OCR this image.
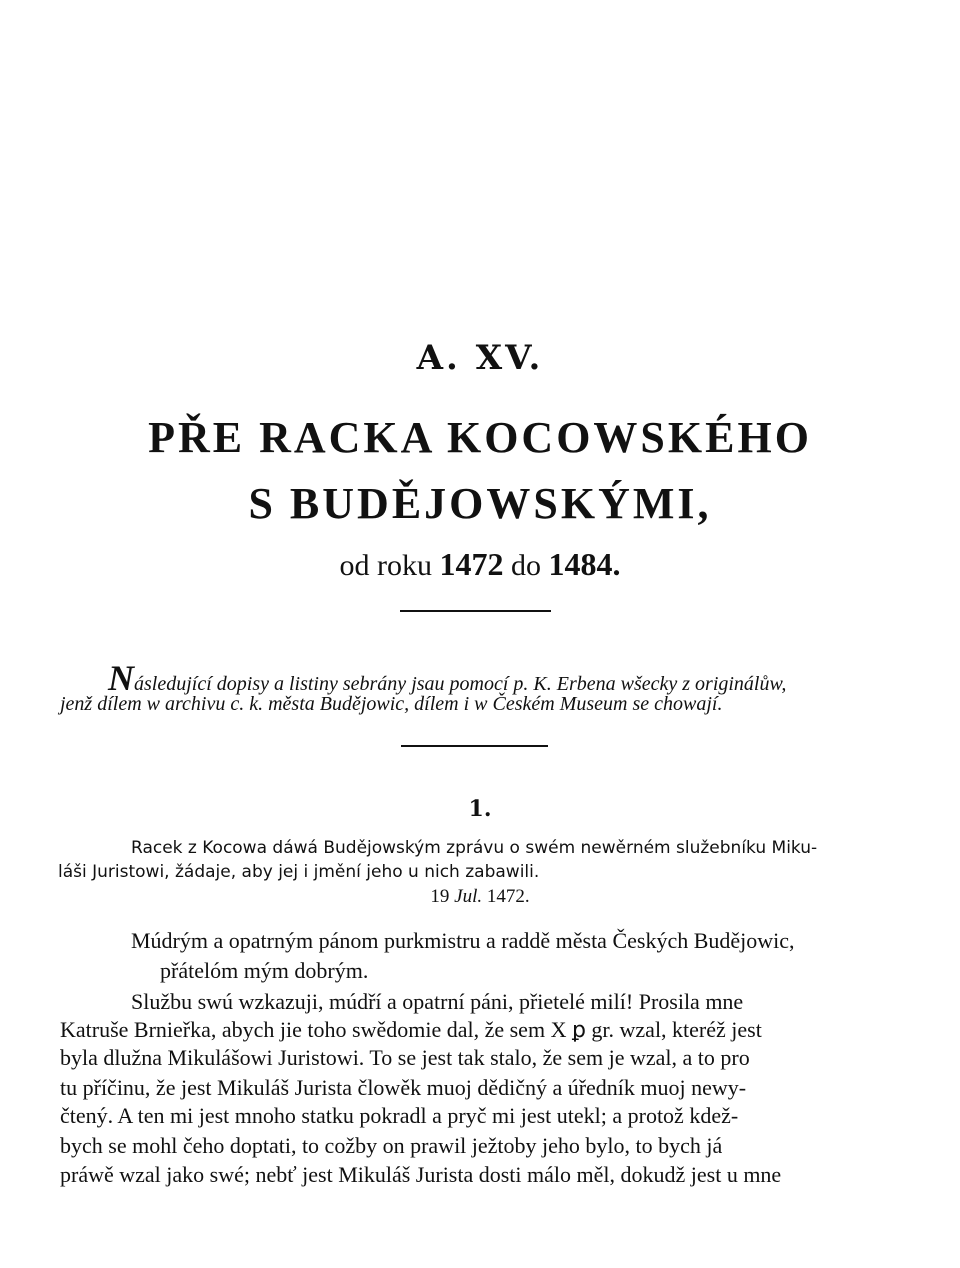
A. XV.
PŘE RACKA KOCOWSKÉHO
S BUDĚJOWSKÝMI,
od roku 1472 do 1484.
Následující dopisy a listiny sebrány jsau pomocí p. K. Erbena wšecky z originálůw,
jenž dílem w archivu c. k. města Budějowic, dílem i w Českém Museum se chowají.
1.
Racek z Kocowa dáwá Budějowským zprávu o swém newěrném služebníku Miku-
láši Juristowi, žádaje, aby jej i jmění jeho u nich zabawili.
19 Jul. 1472.
Múdrým a opatrným pánom purkmistru a raddě města Českých Budějowic,
přátelóm mým dobrým.
Službu swú wzkazuji, múdří a opatrní páni, přietelé milí! Prosila mne
Katruše Brnieřka, abych jie toho swědomie dal, že sem X ꝑ gr. wzal, kteréž jest
byla dlužna Mikulášowi Juristowi. To se jest tak stalo, že sem je wzal, a to pro
tu příčinu, že jest Mikuláš Jurista člowěk muoj dědičný a úředník muoj newy-
čtený. A ten mi jest mnoho statku pokradl a pryč mi jest utekl; a protož kdež-
bych se mohl čeho doptati, to cožby on prawil ježtoby jeho bylo, to bych já
práwě wzal jako swé; nebť jest Mikuláš Jurista dosti málo měl, dokudž jest u mne
